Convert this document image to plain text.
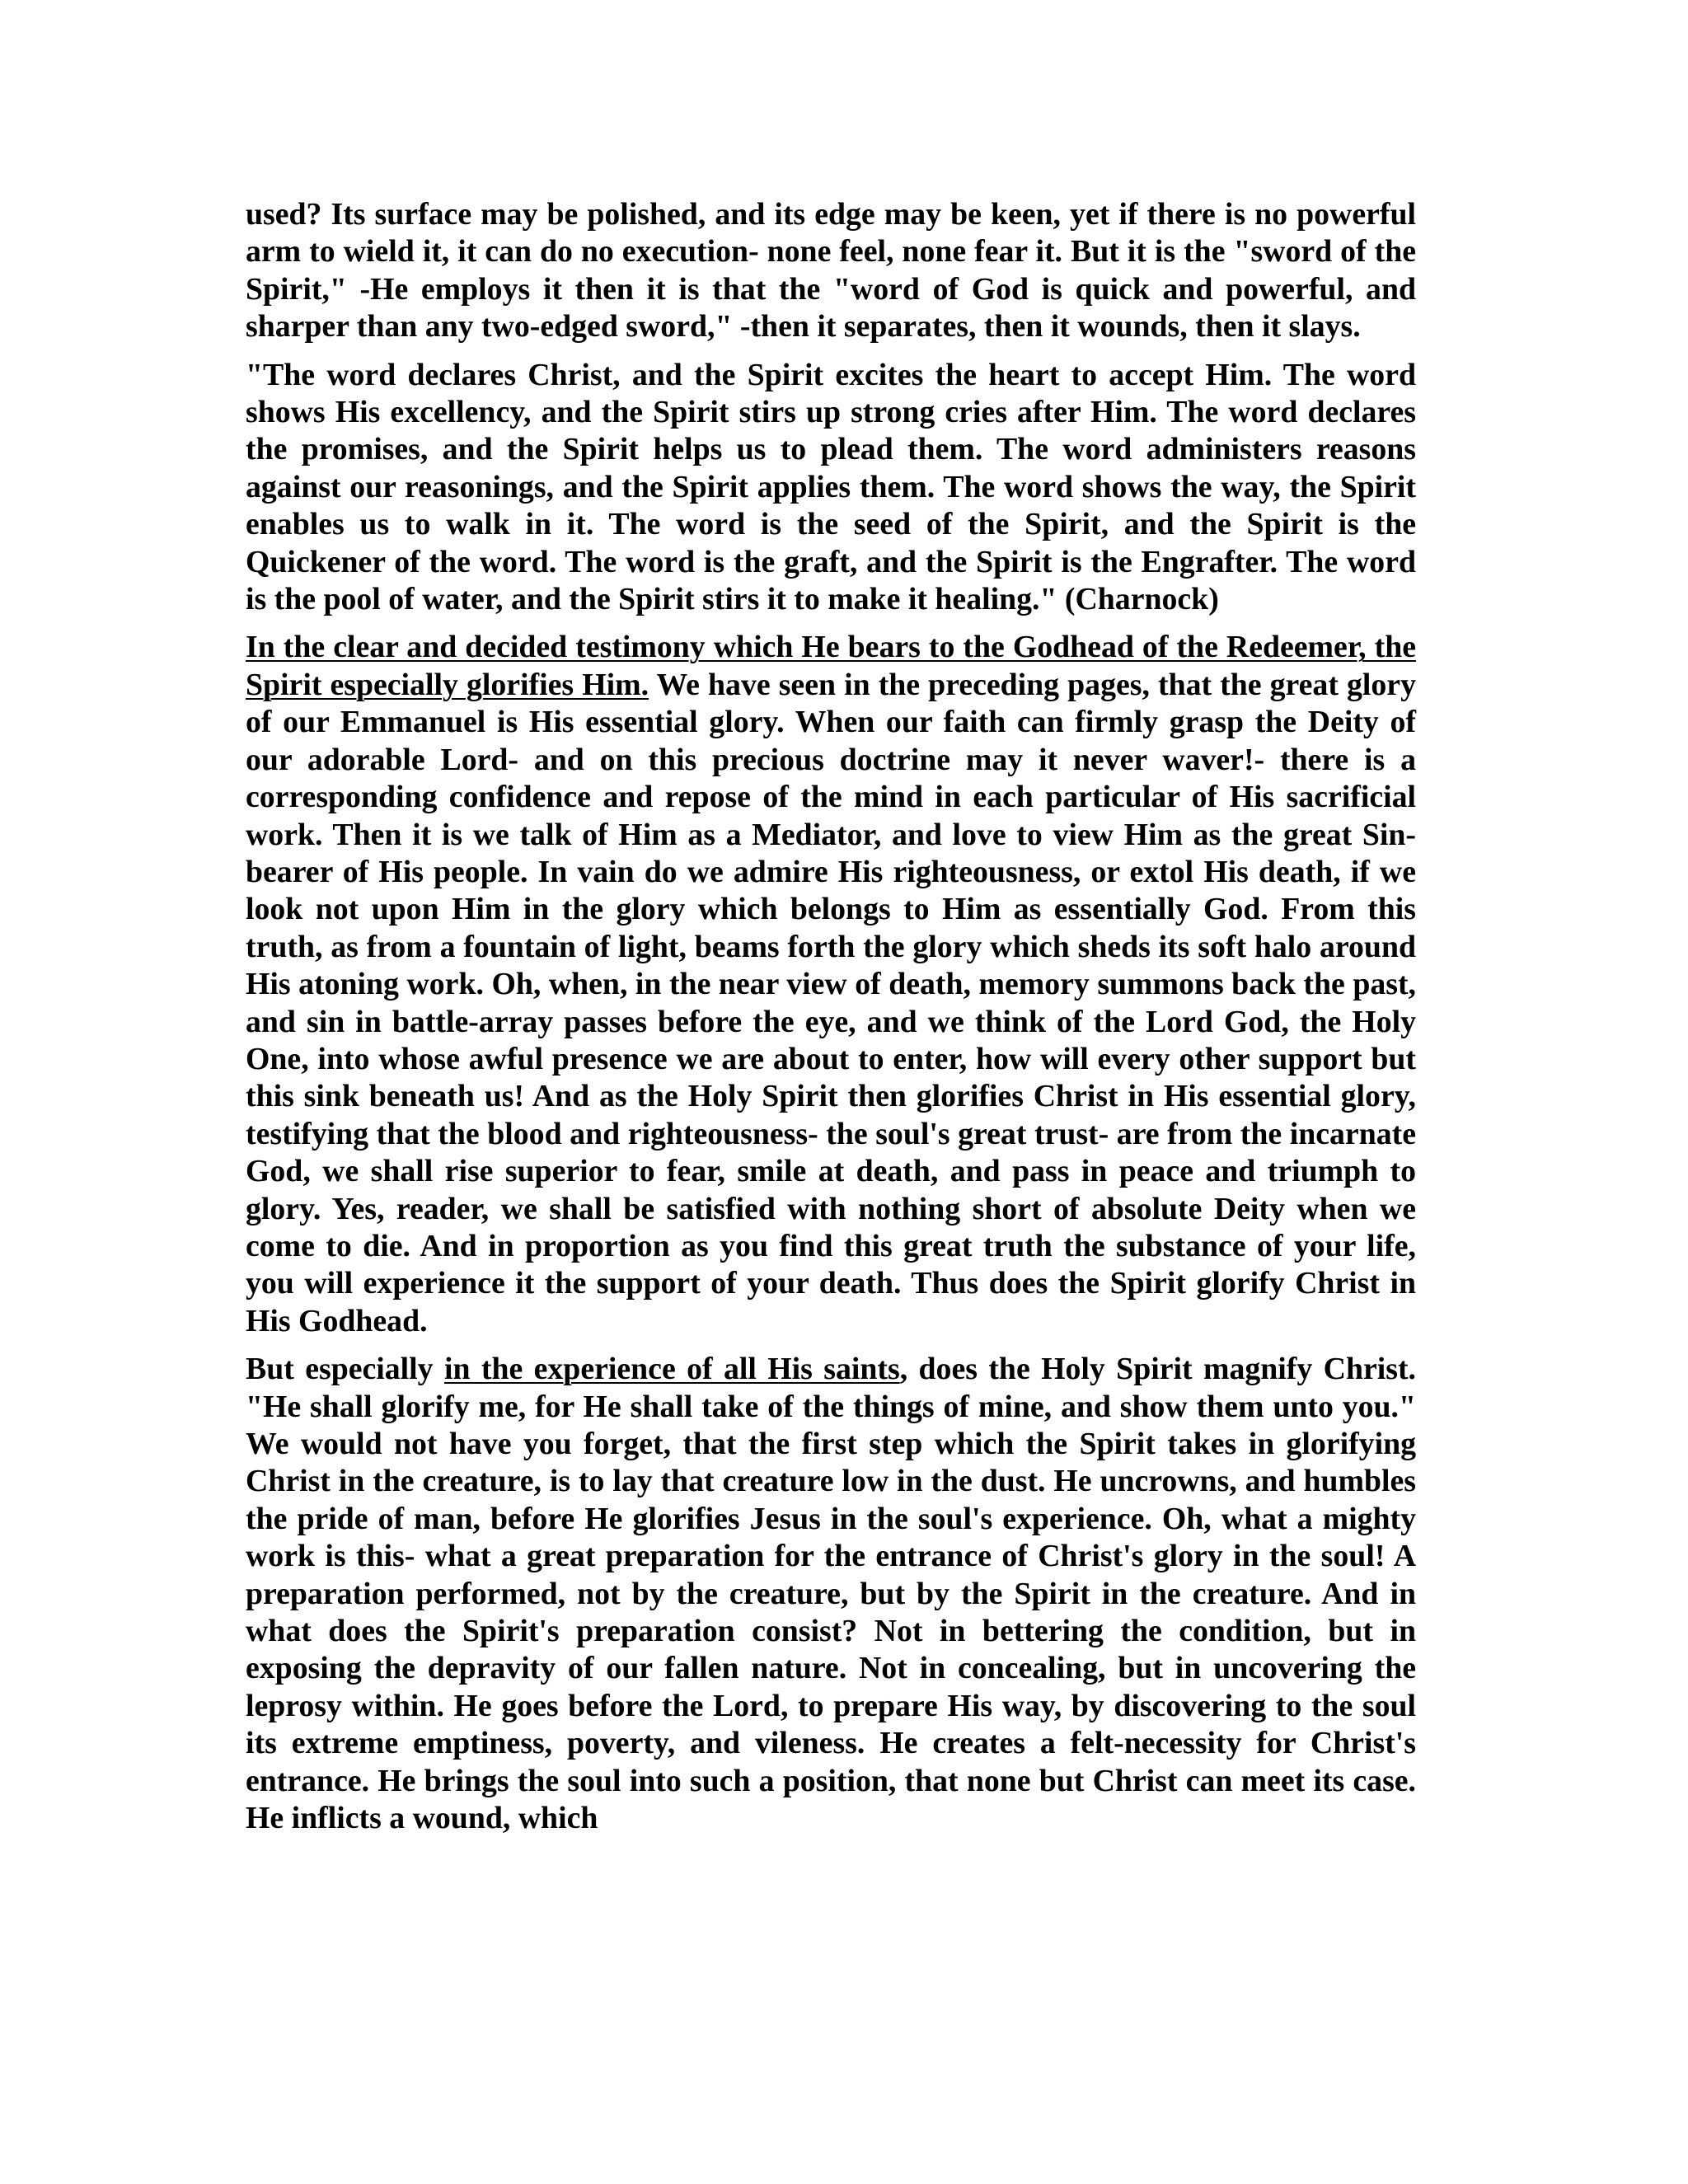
used? Its surface may be polished, and its edge may be keen, yet if there is no powerful arm to wield it, it can do no execution- none feel, none fear it. But it is the "sword of the Spirit," -He employs it then it is that the "word of God is quick and powerful, and sharper than any two-edged sword," -then it separates, then it wounds, then it slays.

"The word declares Christ, and the Spirit excites the heart to accept Him. The word shows His excellency, and the Spirit stirs up strong cries after Him. The word declares the promises, and the Spirit helps us to plead them. The word administers reasons against our reasonings, and the Spirit applies them. The word shows the way, the Spirit enables us to walk in it. The word is the seed of the Spirit, and the Spirit is the Quickener of the word. The word is the graft, and the Spirit is the Engrafter. The word is the pool of water, and the Spirit stirs it to make it healing." (Charnock)

In the clear and decided testimony which He bears to the Godhead of the Redeemer, the Spirit especially glorifies Him. We have seen in the preceding pages, that the great glory of our Emmanuel is His essential glory. When our faith can firmly grasp the Deity of our adorable Lord- and on this precious doctrine may it never waver!- there is a corresponding confidence and repose of the mind in each particular of His sacrificial work. Then it is we talk of Him as a Mediator, and love to view Him as the great Sin-bearer of His people. In vain do we admire His righteousness, or extol His death, if we look not upon Him in the glory which belongs to Him as essentially God. From this truth, as from a fountain of light, beams forth the glory which sheds its soft halo around His atoning work. Oh, when, in the near view of death, memory summons back the past, and sin in battle-array passes before the eye, and we think of the Lord God, the Holy One, into whose awful presence we are about to enter, how will every other support but this sink beneath us! And as the Holy Spirit then glorifies Christ in His essential glory, testifying that the blood and righteousness- the soul's great trust- are from the incarnate God, we shall rise superior to fear, smile at death, and pass in peace and triumph to glory. Yes, reader, we shall be satisfied with nothing short of absolute Deity when we come to die. And in proportion as you find this great truth the substance of your life, you will experience it the support of your death. Thus does the Spirit glorify Christ in His Godhead.

But especially in the experience of all His saints, does the Holy Spirit magnify Christ. "He shall glorify me, for He shall take of the things of mine, and show them unto you." We would not have you forget, that the first step which the Spirit takes in glorifying Christ in the creature, is to lay that creature low in the dust. He uncrowns, and humbles the pride of man, before He glorifies Jesus in the soul's experience. Oh, what a mighty work is this- what a great preparation for the entrance of Christ's glory in the soul! A preparation performed, not by the creature, but by the Spirit in the creature. And in what does the Spirit's preparation consist? Not in bettering the condition, but in exposing the depravity of our fallen nature. Not in concealing, but in uncovering the leprosy within. He goes before the Lord, to prepare His way, by discovering to the soul its extreme emptiness, poverty, and vileness. He creates a felt-necessity for Christ's entrance. He brings the soul into such a position, that none but Christ can meet its case. He inflicts a wound, which
